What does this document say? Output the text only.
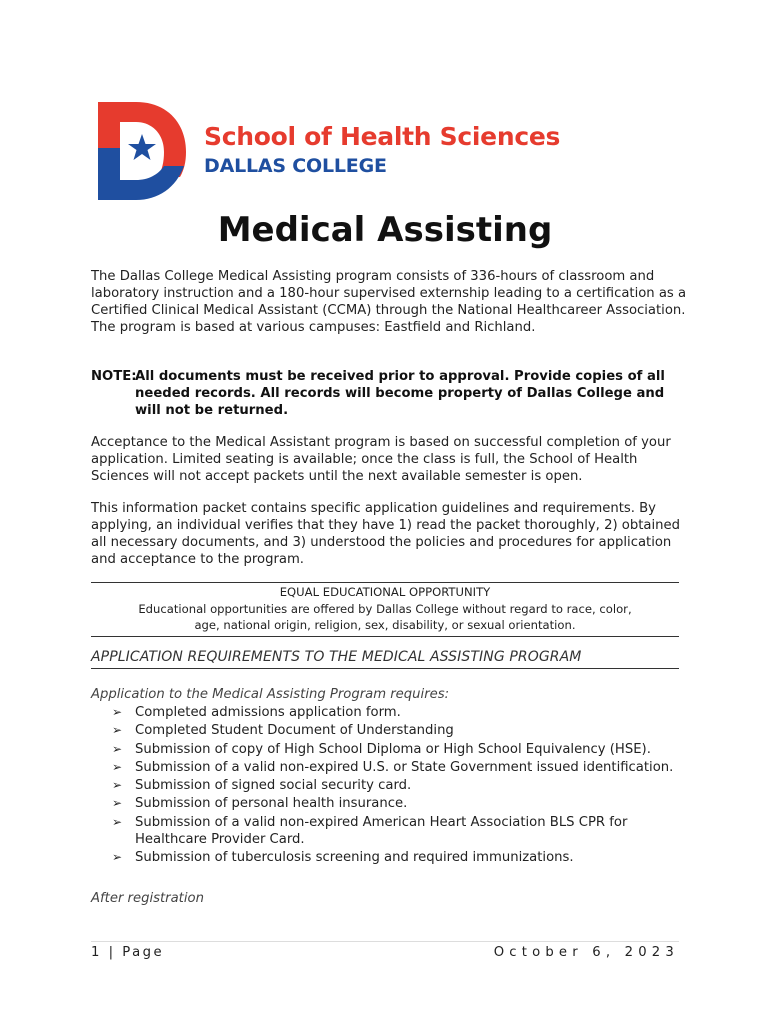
School of Health Sciences
DALLAS COLLEGE
Medical Assisting
The Dallas College Medical Assisting program consists of 336-hours of classroom and laboratory instruction and a 180-hour supervised externship leading to a certification as a Certified Clinical Medical Assistant (CCMA) through the National Healthcareer Association. The program is based at various campuses: Eastfield and Richland.
NOTE:
All documents must be received prior to approval. Provide copies of all needed records. All records will become property of Dallas College and will not be returned.
Acceptance to the Medical Assistant program is based on successful completion of your application. Limited seating is available; once the class is full, the School of Health Sciences will not accept packets until the next available semester is open.
This information packet contains specific application guidelines and requirements. By applying, an individual verifies that they have 1) read the packet thoroughly, 2) obtained all necessary documents, and 3) understood the policies and procedures for application and acceptance to the program.
EQUAL EDUCATIONAL OPPORTUNITY
Educational opportunities are offered by Dallas College without regard to race, color,
age, national origin, religion, sex, disability, or sexual orientation.
APPLICATION REQUIREMENTS TO THE MEDICAL ASSISTING PROGRAM
Application to the Medical Assisting Program requires:
➢ Completed admissions application form.
➢ Completed Student Document of Understanding
➢ Submission of copy of High School Diploma or High School Equivalency (HSE).
➢ Submission of a valid non-expired U.S. or State Government issued identification.
➢ Submission of signed social security card.
➢ Submission of personal health insurance.
➢ Submission of a valid non-expired American Heart Association BLS CPR for Healthcare Provider Card.
➢ Submission of tuberculosis screening and required immunizations.
After registration
1 | Page	October 6, 2023
